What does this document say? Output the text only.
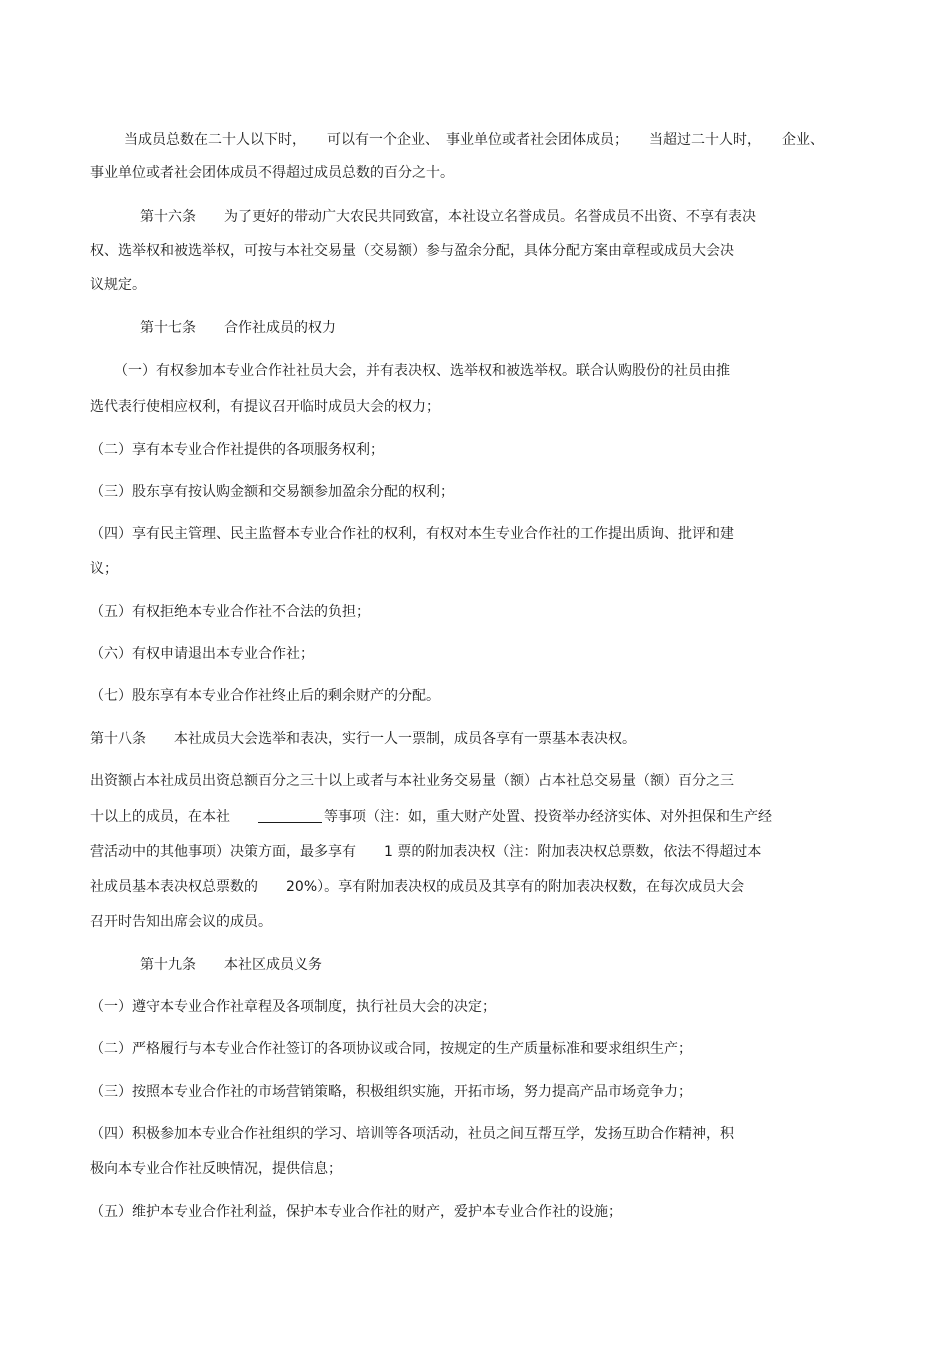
当成员总数在二十人以下时，　　可以有一个企业、　事业单位或者社会团体成员；　　当超过二十人时，　　企业、

事业单位或者社会团体成员不得超过成员总数的百分之十。

第十六条　　为了更好的带动广大农民共同致富，本社设立名誉成员。名誉成员不出资、不享有表决

权、选举权和被选举权，可按与本社交易量（交易额）参与盈余分配，具体分配方案由章程或成员大会决

议规定。

第十七条　　合作社成员的权力

（一）有权参加本专业合作社社员大会，并有表决权、选举权和被选举权。联合认购股份的社员由推

选代表行使相应权利，有提议召开临时成员大会的权力；

（二）享有本专业合作社提供的各项服务权利；

（三）股东享有按认购金额和交易额参加盈余分配的权利；

（四）享有民主管理、民主监督本专业合作社的权利，有权对本生专业合作社的工作提出质询、批评和建

议；

（五）有权拒绝本专业合作社不合法的负担；

（六）有权申请退出本专业合作社；

（七）股东享有本专业合作社终止后的剩余财产的分配。

第十八条　　本社成员大会选举和表决，实行一人一票制，成员各享有一票基本表决权。

出资额占本社成员出资总额百分之三十以上或者与本社业务交易量（额）占本社总交易量（额）百分之三

十以上的成员，在本社　　	等事项（注：如，重大财产处置、投资举办经济实体、对外担保和生产经

营活动中的其他事项）决策方面，最多享有　　1 票的附加表决权（注：附加表决权总票数，依法不得超过本

社成员基本表决权总票数的　　20%）。享有附加表决权的成员及其享有的附加表决权数，在每次成员大会

召开时告知出席会议的成员。

第十九条　　本社区成员义务

（一）遵守本专业合作社章程及各项制度，执行社员大会的决定；

（二）严格履行与本专业合作社签订的各项协议或合同，按规定的生产质量标准和要求组织生产；

（三）按照本专业合作社的市场营销策略，积极组织实施，开拓市场，努力提高产品市场竞争力；

（四）积极参加本专业合作社组织的学习、培训等各项活动，社员之间互帮互学，发扬互助合作精神，积

极向本专业合作社反映情况，提供信息；

（五）维护本专业合作社利益，保护本专业合作社的财产，爱护本专业合作社的设施；
